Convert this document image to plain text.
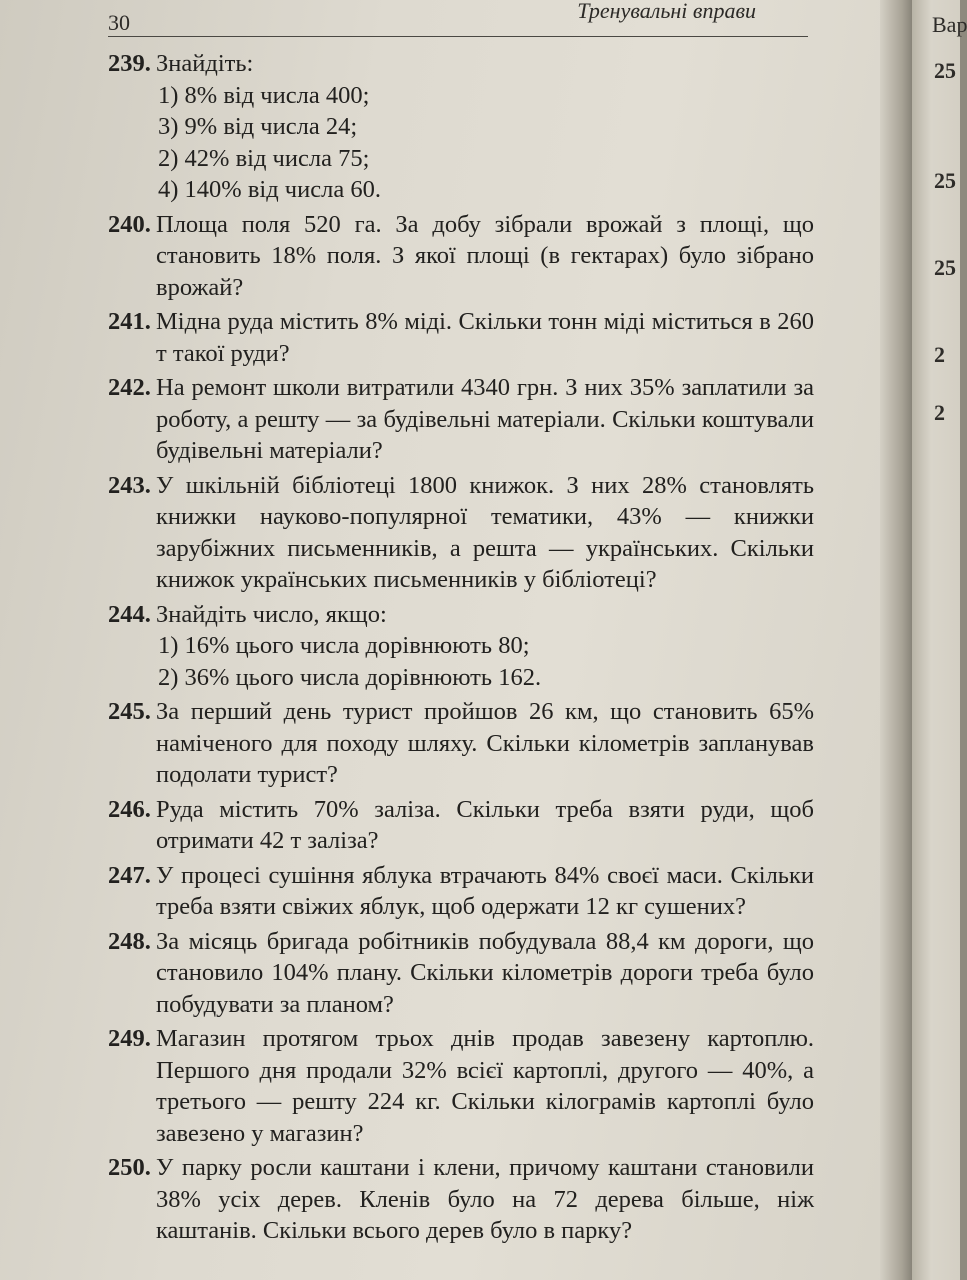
30	Тренувальні вправи
239. Знайдіть:
1) 8% від числа 400;
3) 9% від числа 24;
2) 42% від числа 75;
4) 140% від числа 60.
240. Площа поля 520 га. За добу зібрали врожай з площі, що становить 18% поля. З якої площі (в гектарах) було зібрано врожай?
241. Мідна руда містить 8% міді. Скільки тонн міді міститься в 260 т такої руди?
242. На ремонт школи витратили 4340 грн. З них 35% заплатили за роботу, а решту — за будівельні матеріали. Скільки коштували будівельні матеріали?
243. У шкільній бібліотеці 1800 книжок. З них 28% становлять книжки науково-популярної тематики, 43% — книжки зарубіжних письменників, а решта — українських. Скільки книжок українських письменників у бібліотеці?
244. Знайдіть число, якщо:
1) 16% цього числа дорівнюють 80;
2) 36% цього числа дорівнюють 162.
245. За перший день турист пройшов 26 км, що становить 65% наміченого для походу шляху. Скільки кілометрів запланував подолати турист?
246. Руда містить 70% заліза. Скільки треба взяти руди, щоб отримати 42 т заліза?
247. У процесі сушіння яблука втрачають 84% своєї маси. Скільки треба взяти свіжих яблук, щоб одержати 12 кг сушених?
248. За місяць бригада робітників побудувала 88,4 км дороги, що становило 104% плану. Скільки кілометрів дороги треба було побудувати за планом?
249. Магазин протягом трьох днів продав завезену картоплю. Першого дня продали 32% всієї картоплі, другого — 40%, а третього — решту 224 кг. Скільки кілограмів картоплі було завезено у магазин?
250. У парку росли каштани і клени, причому каштани становили 38% усіх дерев. Кленів було на 72 дерева більше, ніж каштанів. Скільки всього дерев було в парку?
Вар
25
25
25
2
2
